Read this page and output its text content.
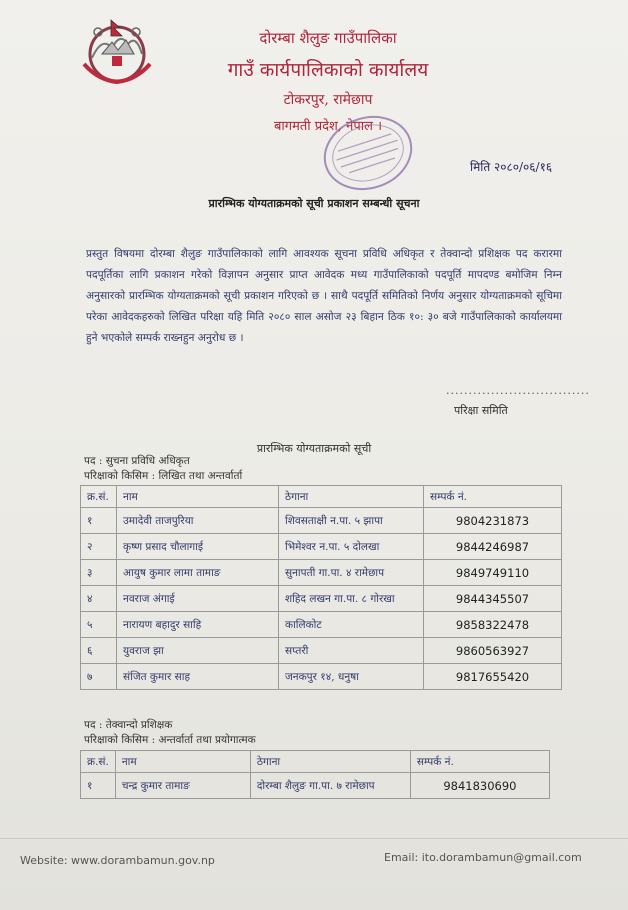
दोरम्बा शैलुङ गाउँपालिका
गाउँ कार्यपालिकाको कार्यालय
टोकरपुर, रामेछाप
बागमती प्रदेश, नेपाल ।
मिति २०८०/०६/१६
प्रारम्भिक योग्यताक्रमको सूची प्रकाशन सम्बन्धी सूचना
प्रस्तुत विषयमा दोरम्बा शैलुङ गाउँपालिकाको लागि आवश्यक सूचना प्रविधि अधिकृत र तेक्वान्दो प्रशिक्षक पद करारमा पदपूर्तिका लागि प्रकाशन गरेको विज्ञापन अनुसार प्राप्त आवेदक मध्य गाउँपालिकाको पदपूर्ति मापदण्ड बमोजिम निम्न अनुसारको प्रारम्भिक योग्यताक्रमको सूची प्रकाशन गरिएको छ । साथै पदपूर्ति समितिको निर्णय अनुसार योग्यताक्रमको सूचिमा परेका आवेदकहरुको लिखित परिक्षा यहि मिति २०८० साल असोज २३ बिहान ठिक १०: ३० बजे गाउँपालिकाको कार्यालयमा हुने भएकोले सम्पर्क राख्नहुन अनुरोध छ ।
................................
परिक्षा समिति
प्रारम्भिक योग्यताक्रमको सूची
पद : सुचना प्रविधि अधिकृत
परिक्षाको किसिम : लिखित तथा अन्तर्वार्ता
क्र.सं.	नाम	ठेगाना	सम्पर्क नं.
१	उमादेवी ताजपुरिया	शिवसताक्षी न.पा. ५ झापा	9804231873
२	कृष्ण प्रसाद चौलागाई	भिमेश्वर न.पा. ५ दोलखा	9844246987
३	आयुष कुमार लामा तामाङ	सुनापती गा.पा. ४ रामेछाप	9849749110
४	नवराज अंगाई	शहिद लखन गा.पा. ८ गोरखा	9844345507
५	नारायण बहादुर साहि	कालिकोट	9858322478
६	युवराज झा	सप्तरी	9860563927
७	संजित कुमार साह	जनकपुर १४, धनुषा	9817655420
पद : तेक्वान्दो प्रशिक्षक
परिक्षाको किसिम : अन्तर्वार्ता तथा प्रयोगात्मक
क्र.सं.	नाम	ठेगाना	सम्पर्क नं.
१	चन्द्र कुमार तामाङ	दोरम्बा शैलुङ गा.पा. ७ रामेछाप	9841830690
Website: www.dorambamun.gov.np	Email: ito.dorambamun@gmail.com
